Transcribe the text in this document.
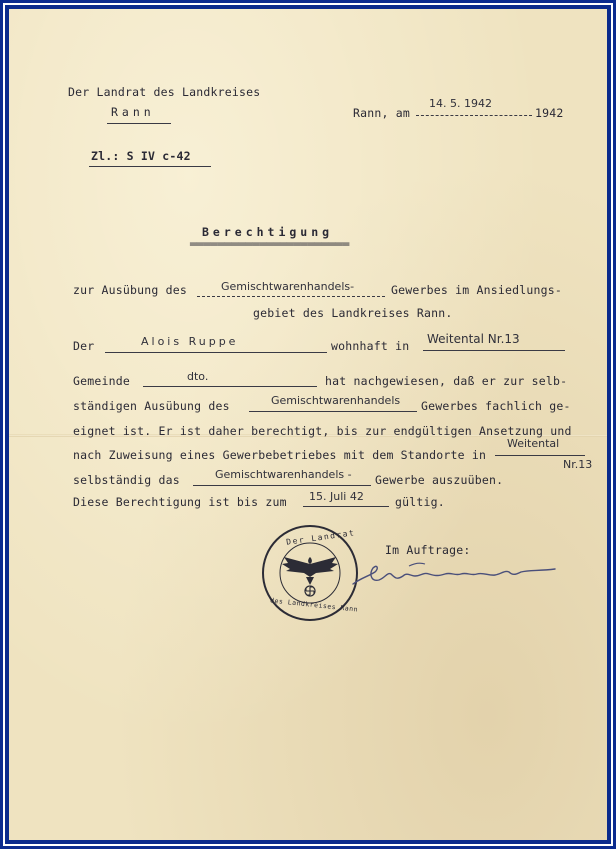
Der Landrat des Landkreises
Rann
Zl.: S IV c-42
Rann, am
14. 5. 1942
1942
Berechtigung
═══════════════════════
zur Ausübung des	Gemischtwarenhandels-	Gewerbes im Ansiedlungs-
gebiet des Landkreises Rann.
Der	Alois Ruppe	wohnhaft in Weitental Nr.13
Gemeinde	dto.	hat nachgewiesen, daß er zur selb-
ständigen Ausübung des	Gemischtwarenhandels Gewerbes fachlich ge-
eignet ist. Er ist daher berechtigt, bis zur endgültigen Ansetzung und
nach Zuweisung eines Gewerbebetriebes mit dem Standorte in
Weitental
Nr.13
selbständig das	Gemischtwarenhandels - Gewerbe auszuüben.
Diese Berechtigung ist bis zum 15. Juli 42	gültig.
Im Auftrage:
Der Landrat
des Landkreises Rann
